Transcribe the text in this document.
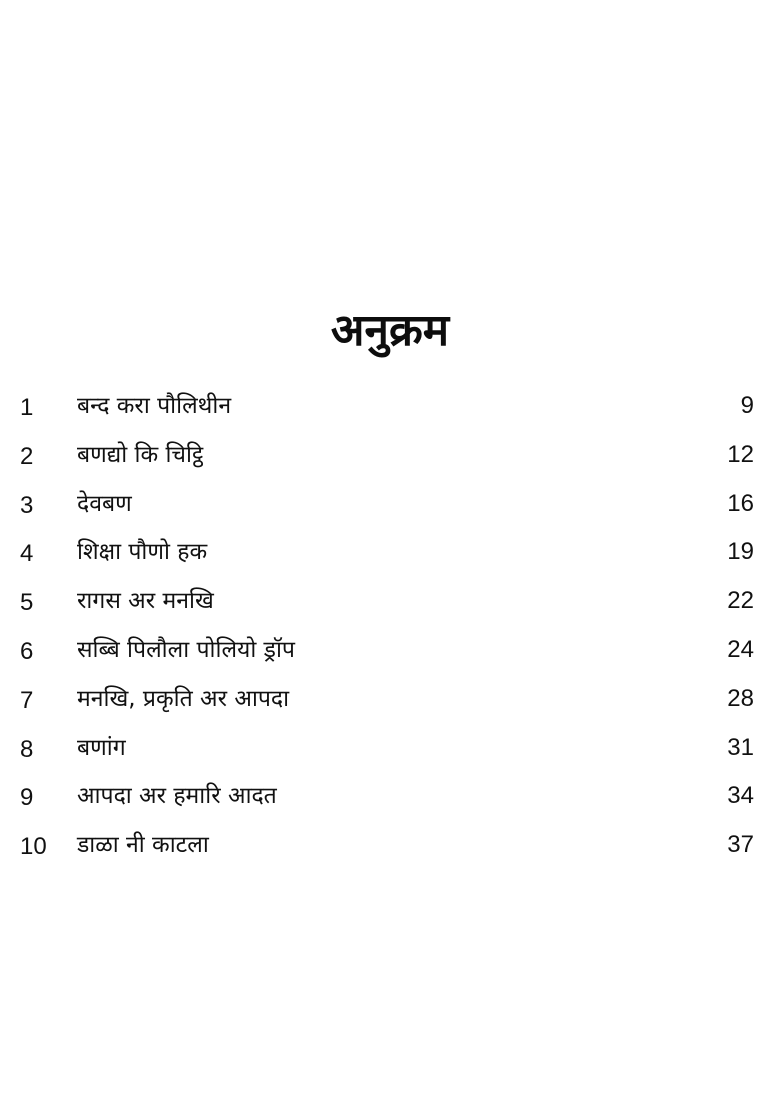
अनुक्रम
1 बन्द करा पौलिथीन	9
2 बणद्यो कि चिट्ठि	12
3 देवबण	16
4 शिक्षा पौणो हक	19
5 रागस अर मनखि	22
6 सब्बि पिलौला पोलियो ड्रॉप	24
7 मनखि, प्रकृति अर आपदा	28
8 बणांग	31
9 आपदा अर हमारि आदत	34
10 डाळा नी काटला	37
